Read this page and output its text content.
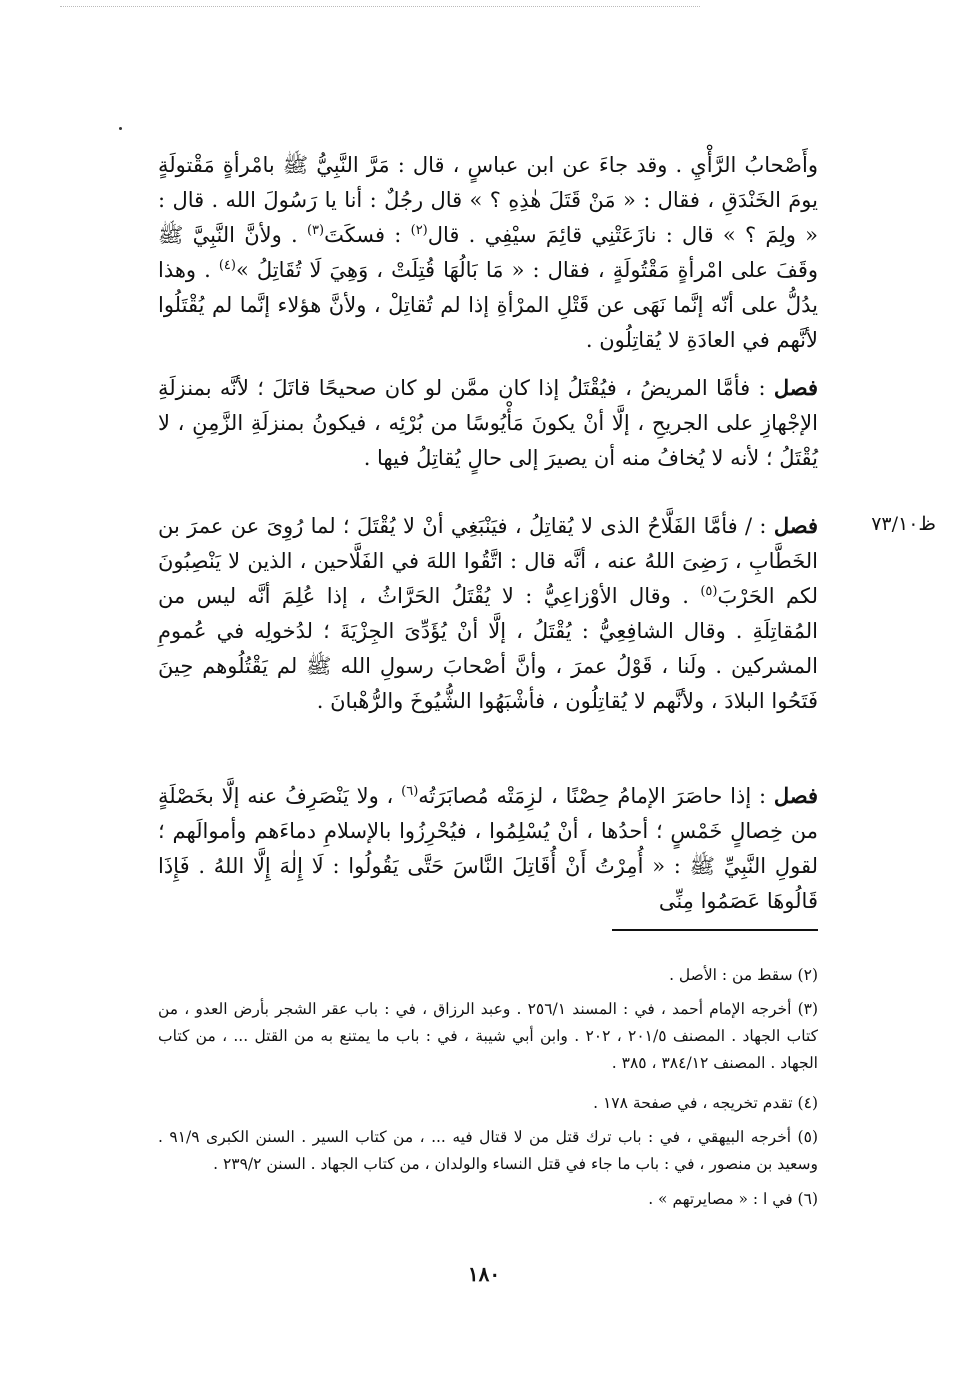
ظ٧٣/١٠

وأَصْحابُ الرَّأْيِ . وقد جاءَ عن ابن عباسٍ ، قال : مَرَّ النَّبِيُّ ﷺ بامْرأةٍ مَقْتولَةٍ يومَ الخَنْدَقِ ، فقال : « مَنْ قَتَلَ هٰذِهِ ؟ » قال رجُلٌ : أنا يا رَسُولَ الله . قال : « ولِمَ ؟ » قال : نازَعَتْنِي قائِمَ سيْفِي . قال$^{(٢)}$ : فسكَتَ$^{(٣)}$ . ولأنَّ النَّبِيَّ ﷺ وقَفَ على امْرأةٍ مَقْتُولَةٍ ، فقال : « مَا بَالُهَا قُتِلَتْ ، وَهِيَ لَا تُقَاتِلُ »$^{(٤)}$ . وهذا يدُلُّ على أنّه إنَّما نَهَى عن قَتْلِ المرْأةِ إذا لم تُقاتِلْ ، ولأنَّ هؤلاء إنَّما لم يُقْتَلُوا لأنَّهم في العادَةِ لا يُقاتِلُون .

فصل : فأمَّا المريضُ ، فيُقْتَلُ إذا كان ممَّن لو كان صحيحًا قاتَلَ ؛ لأنَّه بمنزلَةِ الإجْهازِ على الجريحِ ، إلَّا أنْ يكونَ مَأْيُوسًا من بُرْئِه ، فيكونُ بمنزلَةِ الزَّمِنِ ، لا يُقْتَلُ ؛ لأنه لا يُخافُ منه أن يصيرَ إلى حالٍ يُقاتِلُ فيها .

فصل : / فأمَّا الفَلَّاحُ الذى لا يُقاتِلُ ، فيَنْبَغِي أنْ لا يُقْتَلَ ؛ لما رُوِىَ عن عمرَ بن الخَطَّابِ ، رَضِىَ اللهُ عنه ، أنَّه قال : اتَّقُوا اللهَ في الفَلَّاحين ، الذين لا يَنْصِبُونَ لكم الحَرْبَ$^{(٥)}$ . وقال الأوْزاعِيُّ : لا يُقْتَلُ الحَرَّاثُ ، إذا عُلِمَ أنَّه ليس من المُقاتِلَةِ . وقال الشافِعِيُّ : يُقْتَلُ ، إلَّا أنْ يُؤَدِّىَ الجِزْيَةَ ؛ لدُخولِه في عُمومِ المشركين . ولَنا ، قَوْلُ عمرَ ، وأنَّ أصْحابَ رسولِ الله ﷺ لم يَقْتُلُوهم حِينَ فَتَحُوا البلادَ ، ولأنَّهم لا يُقاتِلُون ، فأشْبَهُوا الشُّيُوخَ والرُّهْبانَ .

فصل : إذا حاصَرَ الإمامُ حِصْنًا ، لزِمَتْه مُصابَرَتُه$^{(٦)}$ ، ولا يَنْصَرِفُ عنه إلَّا بخَصْلَةٍ من خِصالٍ خَمْسٍ ؛ أحدُها ، أنْ يُسْلِمُوا ، فيُحْرِزُوا بالإسلامِ دماءَهم وأموالَهم ؛ لقولِ النَّبِيِّ ﷺ : « أُمِرْتُ أَنْ أُقَاتِلَ النَّاسَ حَتَّى يَقُولُوا : لَا إِلٰهَ إِلَّا اللهُ . فَإِذَا قَالُوهَا عَصَمُوا مِنِّى

(٢) سقط من : الأصل .

(٣) أخرجه الإمام أحمد ، في : المسند ٢٥٦/١ . وعبد الرزاق ، في : باب عقر الشجر بأرض العدو ، من كتاب الجهاد . المصنف ٢٠١/٥ ، ٢٠٢ . وابن أبي شيبة ، في : باب ما يمتنع به من القتل ... ، من كتاب الجهاد . المصنف ٣٨٤/١٢ ، ٣٨٥ .

(٤) تقدم تخريجه ، في صفحة ١٧٨ .

(٥) أخرجه البيهقي ، في : باب ترك قتل من لا قتال فيه ... ، من كتاب السير . السنن الكبرى ٩١/٩ . وسعيد بن منصور ، في : باب ما جاء في قتل النساء والولدان ، من كتاب الجهاد . السنن ٢٣٩/٢ .

(٦) في ا : « مصايرتهم » .

١٨٠
